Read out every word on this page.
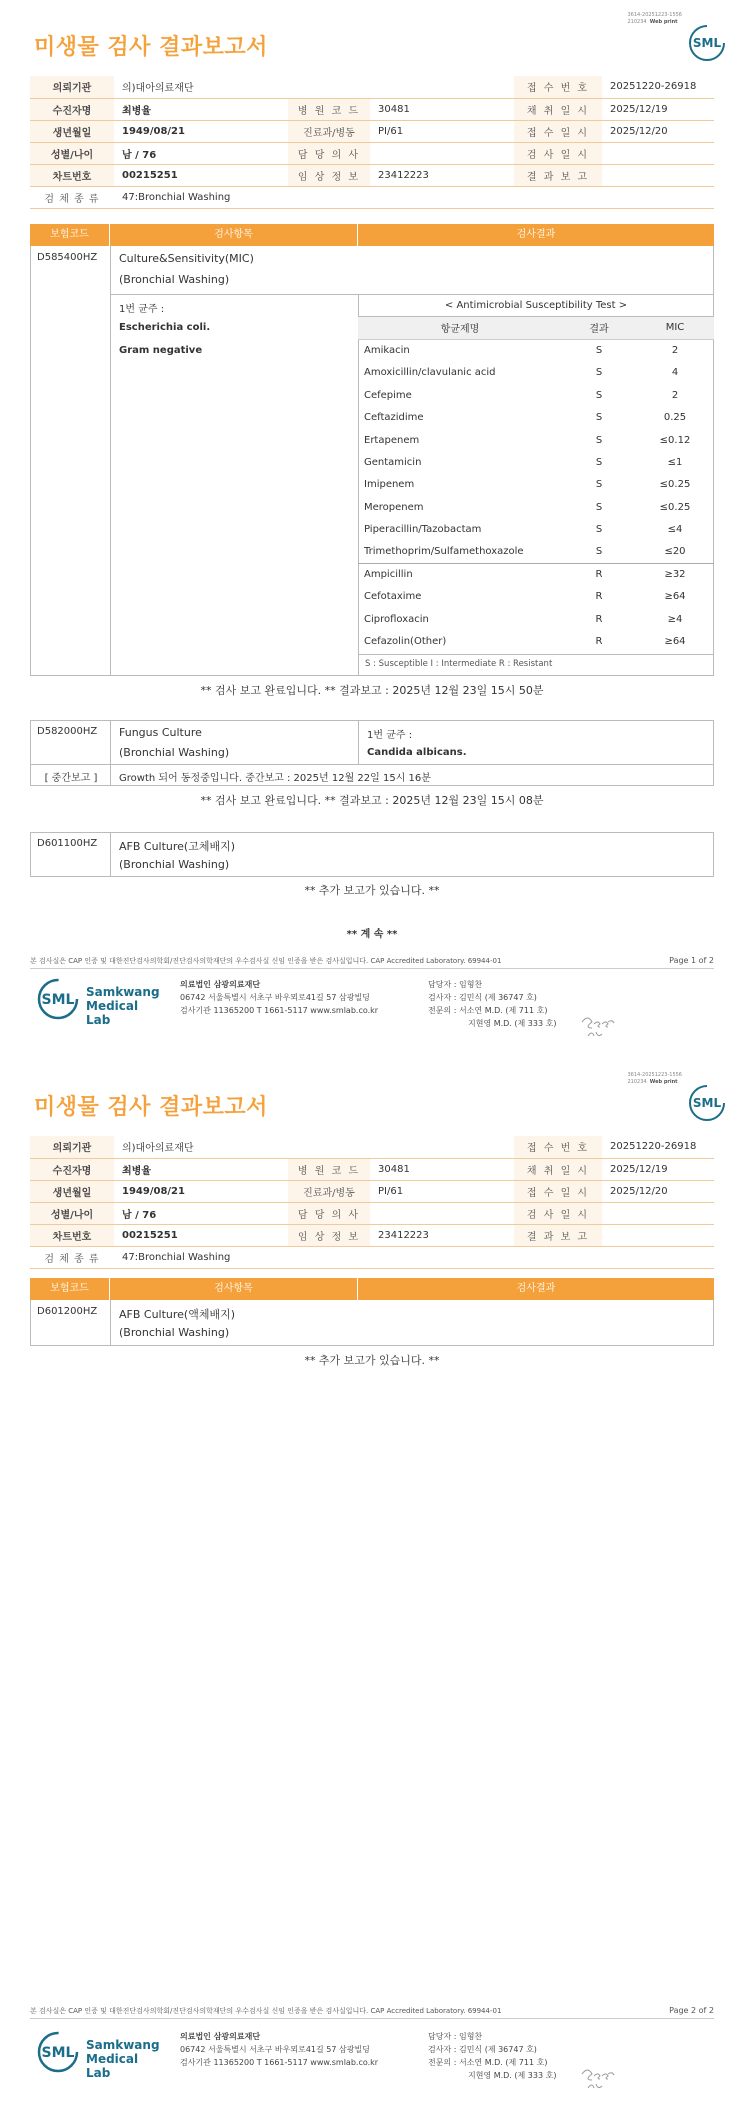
3614-20251223-1556
210234 Web print
SML
미생물 검사 결과보고서
의뢰기관	의)대아의료재단			접 수 번 호	20251220-26918
수진자명	최병율	병 원 코 드	30481	채 취 일 시	2025/12/19
생년월일	1949/08/21	진료과/병동	PI/61	접 수 일 시	2025/12/20
성별/나이	남 / 76	담 당 의 사		검 사 일 시	
차트번호	00215251	임 상 정 보	23412223	결 과 보 고	
검 체 종 류	47:Bronchial Washing				
보험코드	검사항목	검사결과
D585400HZ Culture&Sensitivity(MIC)
(Bronchial Washing)
1번 균주 :
Escherichia coli.
Gram negative
< Antimicrobial Susceptibility Test >
항균제명	결과	MIC
Amikacin	S	2
Amoxicillin/clavulanic acid	S	4
Cefepime	S	2
Ceftazidime	S	0.25
Ertapenem	S	≤0.12
Gentamicin	S	≤1
Imipenem	S	≤0.25
Meropenem	S	≤0.25
Piperacillin/Tazobactam	S	≤4
Trimethoprim/Sulfamethoxazole	S	≤20
Ampicillin	R	≥32
Cefotaxime	R	≥64
Ciprofloxacin	R	≥4
Cefazolin(Other)	R	≥64
S : Susceptible I : Intermediate R : Resistant
** 검사 보고 완료입니다. ** 결과보고 : 2025년 12월 23일 15시 50분
D582000HZ Fungus Culture
(Bronchial Washing)
1번 균주 :
Candida albicans.
[ 중간보고 ]	Growth 되어 동정중입니다. 중간보고 : 2025년 12월 22일 15시 16분
** 검사 보고 완료입니다. ** 결과보고 : 2025년 12월 23일 15시 08분
D601100HZ AFB Culture(고체배지)
(Bronchial Washing)
** 추가 보고가 있습니다. **
** 계 속 **
본 검사실은 CAP 인증 및 대한진단검사의학회/진단검사의학재단의 우수검사실 신임 인증을 받은 검사실입니다. CAP Accredited Laboratory. 69944-01	Page 1 of 2
SML Samkwang
Medical Lab
의료법인 삼광의료재단
06742 서울특별시 서초구 바우뫼로41길 57 삼광빌딩
검사기관 11365200 T 1661-5117 www.smlab.co.kr
담당자 : 임형찬
검사자 : 김민식 (제 36747 호)
전문의 : 서소연 M.D. (제 711 호)
지현영 M.D. (제 333 호)
3614-20251223-1556
210234 Web print
SML
미생물 검사 결과보고서
의뢰기관	의)대아의료재단			접 수 번 호	20251220-26918
수진자명	최병율	병 원 코 드	30481	채 취 일 시	2025/12/19
생년월일	1949/08/21	진료과/병동	PI/61	접 수 일 시	2025/12/20
성별/나이	남 / 76	담 당 의 사		검 사 일 시	
차트번호	00215251	임 상 정 보	23412223	결 과 보 고	
검 체 종 류	47:Bronchial Washing				
보험코드	검사항목	검사결과
D601200HZ AFB Culture(액체배지)
(Bronchial Washing)
** 추가 보고가 있습니다. **
본 검사실은 CAP 인증 및 대한진단검사의학회/진단검사의학재단의 우수검사실 신임 인증을 받은 검사실입니다. CAP Accredited Laboratory. 69944-01	Page 2 of 2
SML Samkwang
Medical Lab
의료법인 삼광의료재단
06742 서울특별시 서초구 바우뫼로41길 57 삼광빌딩
검사기관 11365200 T 1661-5117 www.smlab.co.kr
담당자 : 임형찬
검사자 : 김민식 (제 36747 호)
전문의 : 서소연 M.D. (제 711 호)
지현영 M.D. (제 333 호)
